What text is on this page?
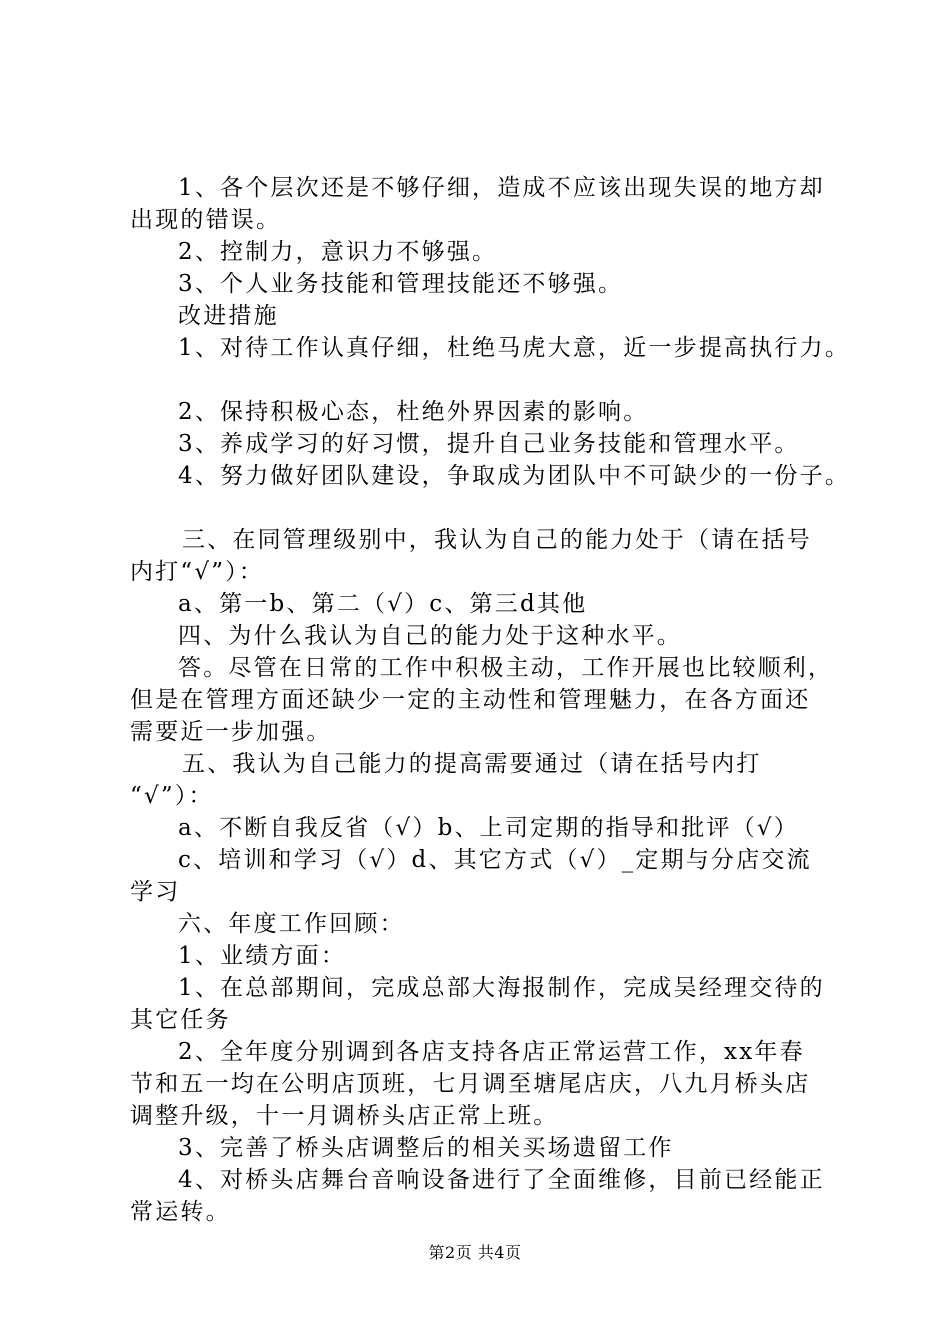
1、各个层次还是不够仔细，造成不应该出现失误的地方却
出现的错误。
2、控制力，意识力不够强。
3、个人业务技能和管理技能还不够强。
改进措施
1、对待工作认真仔细，杜绝马虎大意，近一步提高执行力。
2、保持积极心态，杜绝外界因素的影响。
3、养成学习的好习惯，提升自己业务技能和管理水平。
4、努力做好团队建设，争取成为团队中不可缺少的一份子。
三、在同管理级别中，我认为自己的能力处于（请在括号
内打“√”）：
a、第一b、第二（√）c、第三d其他
四、为什么我认为自己的能力处于这种水平。
答。尽管在日常的工作中积极主动，工作开展也比较顺利，
但是在管理方面还缺少一定的主动性和管理魅力，在各方面还
需要近一步加强。
五、我认为自己能力的提高需要通过（请在括号内打
“√”）：
a、不断自我反省（√）b、上司定期的指导和批评（√）
c、培训和学习（√）d、其它方式（√）_定期与分店交流
学习
六、年度工作回顾：
1、业绩方面：
1、在总部期间，完成总部大海报制作，完成吴经理交待的
其它任务
2、全年度分别调到各店支持各店正常运营工作，xx年春
节和五一均在公明店顶班，七月调至塘尾店庆，八九月桥头店
调整升级，十一月调桥头店正常上班。
3、完善了桥头店调整后的相关买场遗留工作
4、对桥头店舞台音响设备进行了全面维修，目前已经能正
常运转。
第2页 共4页
